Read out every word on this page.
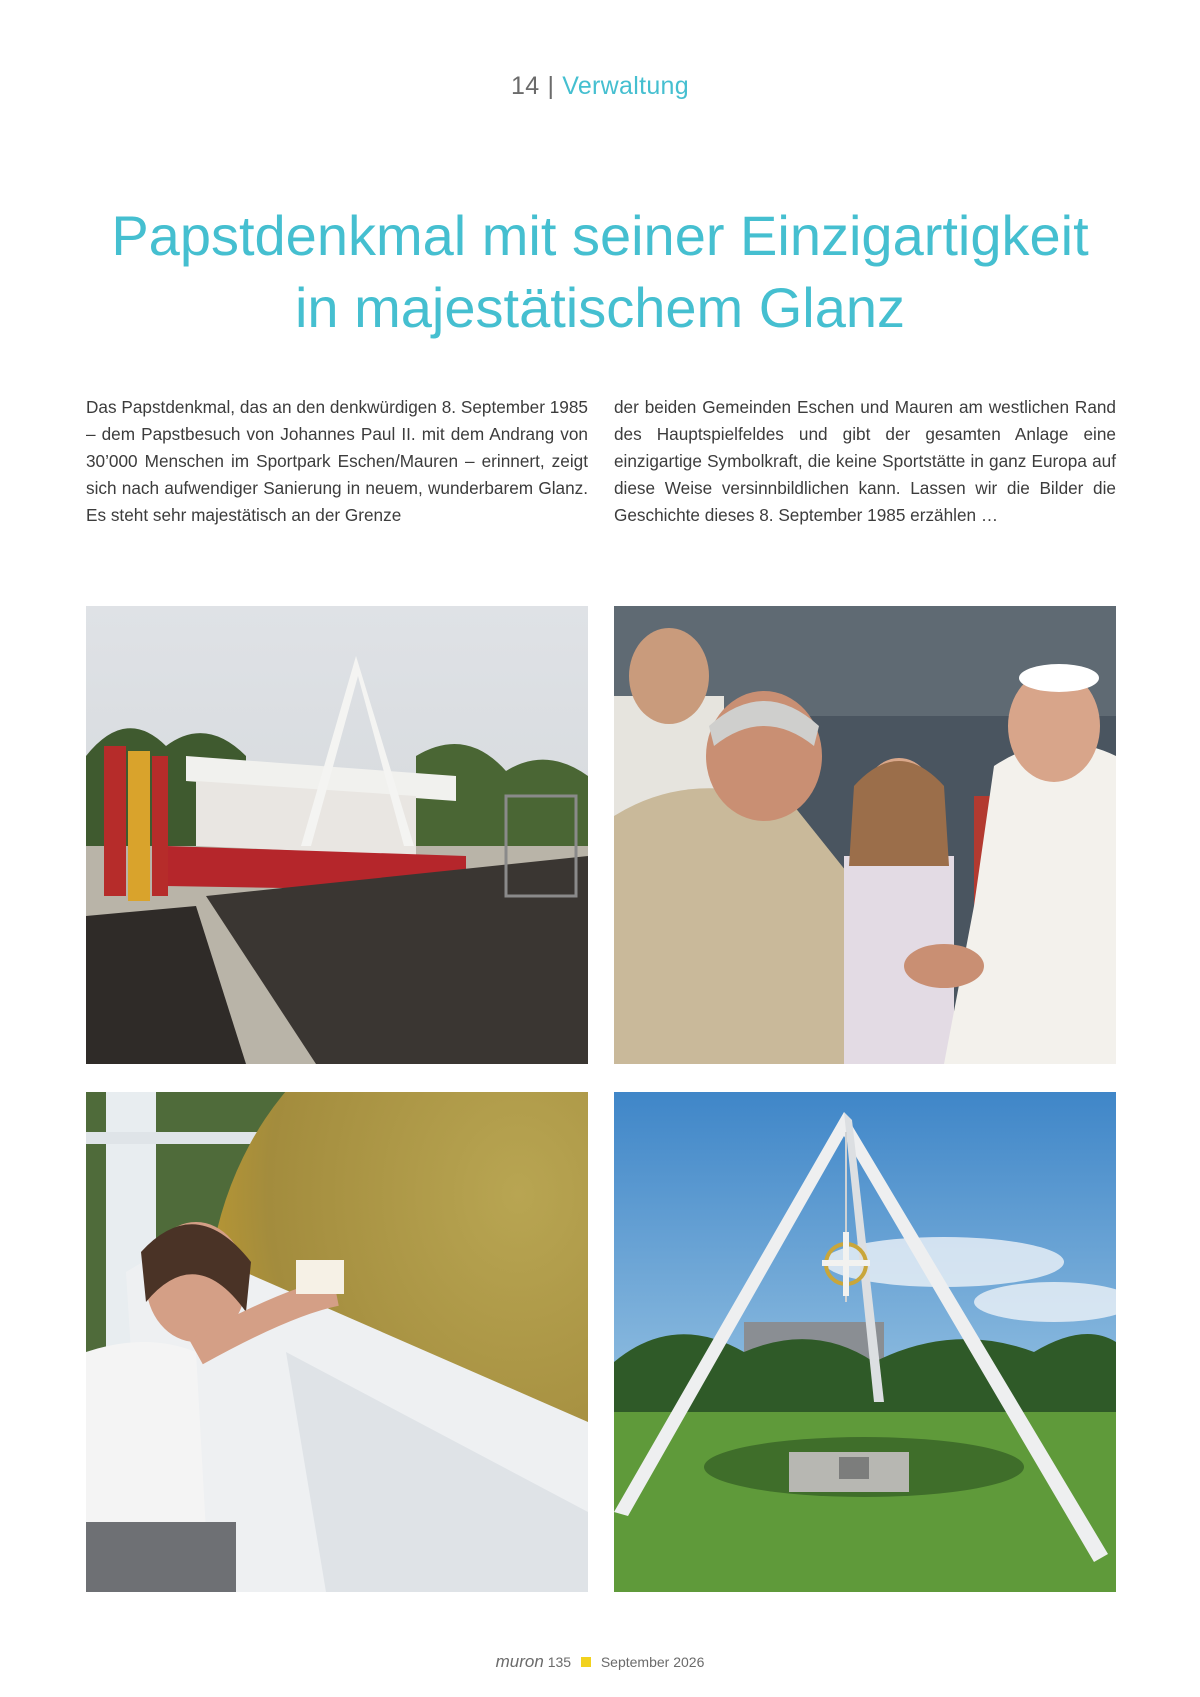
14 | Verwaltung
Papstdenkmal mit seiner Einzigartigkeit
in majestätischem Glanz
Das Papstdenkmal, das an den denkwürdigen 8. September 1985 – dem Papstbesuch von Johannes Paul II. mit dem Andrang von 30’000 Menschen im Sportpark Eschen/Mauren – erinnert, zeigt sich nach aufwendiger Sanierung in neuem, wunderbarem Glanz. Es steht sehr majestätisch an der Grenze
der beiden Gemeinden Eschen und Mauren am westlichen Rand des Hauptspielfeldes und gibt der gesamten Anlage eine einzigartige Symbolkraft, die keine Sportstätte in ganz Europa auf diese Weise versinnbildlichen kann. Lassen wir die Bilder die Geschichte dieses 8. September 1985 erzählen …
muron 135 September 2026
